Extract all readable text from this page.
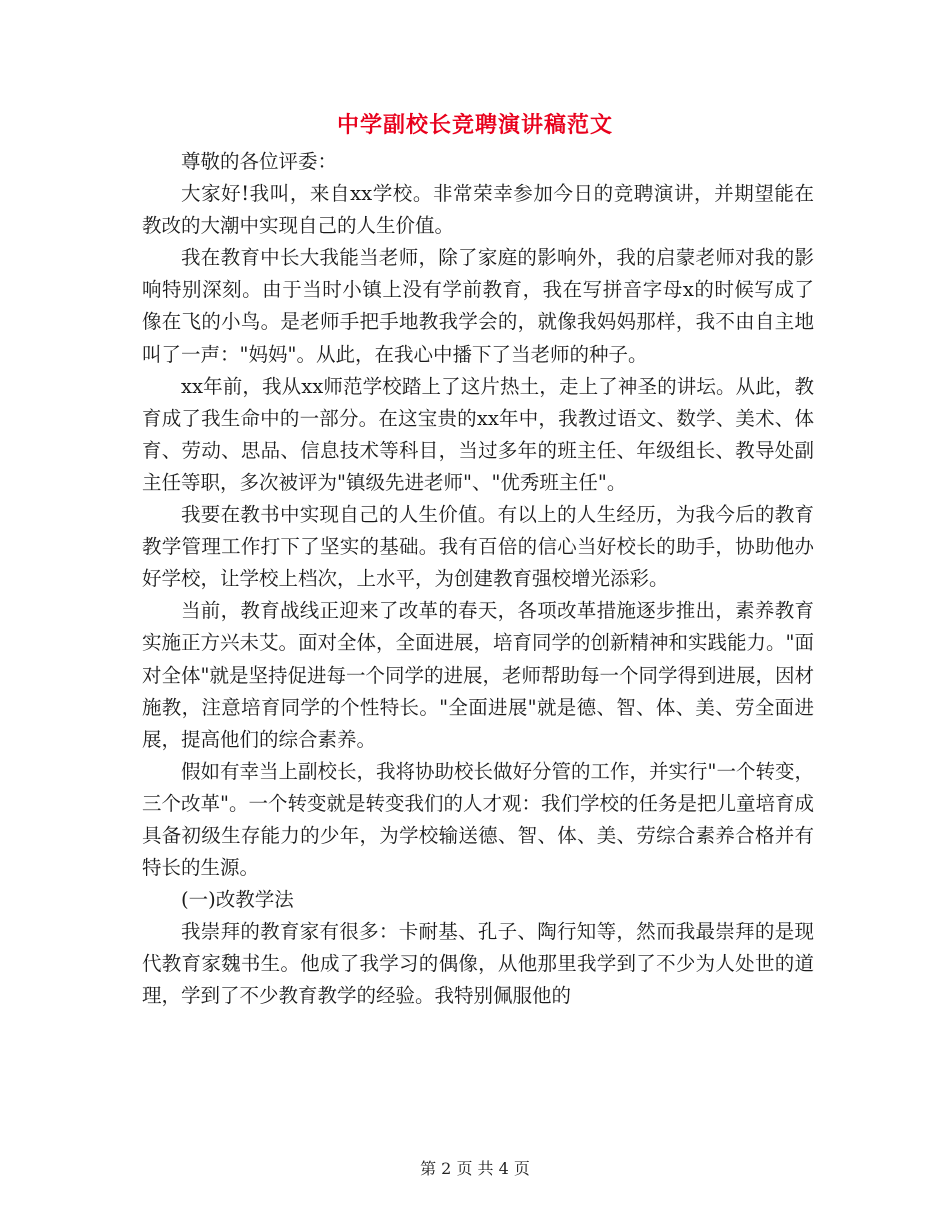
中学副校长竞聘演讲稿范文

尊敬的各位评委：

大家好!我叫，来自xx学校。非常荣幸参加今日的竞聘演讲，并期望能在教改的大潮中实现自己的人生价值。

我在教育中长大我能当老师，除了家庭的影响外，我的启蒙老师对我的影响特别深刻。由于当时小镇上没有学前教育，我在写拼音字母x的时候写成了像在飞的小鸟。是老师手把手地教我学会的，就像我妈妈那样，我不由自主地叫了一声："妈妈"。从此，在我心中播下了当老师的种子。

xx年前，我从xx师范学校踏上了这片热土，走上了神圣的讲坛。从此，教育成了我生命中的一部分。在这宝贵的xx年中，我教过语文、数学、美术、体育、劳动、思品、信息技术等科目，当过多年的班主任、年级组长、教导处副主任等职，多次被评为"镇级先进老师"、"优秀班主任"。

我要在教书中实现自己的人生价值。有以上的人生经历，为我今后的教育教学管理工作打下了坚实的基础。我有百倍的信心当好校长的助手，协助他办好学校，让学校上档次，上水平，为创建教育强校增光添彩。

当前，教育战线正迎来了改革的春天，各项改革措施逐步推出，素养教育实施正方兴未艾。面对全体，全面进展，培育同学的创新精神和实践能力。"面对全体"就是坚持促进每一个同学的进展，老师帮助每一个同学得到进展，因材施教，注意培育同学的个性特长。"全面进展"就是德、智、体、美、劳全面进展，提高他们的综合素养。

假如有幸当上副校长，我将协助校长做好分管的工作，并实行"一个转变，三个改革"。一个转变就是转变我们的人才观：我们学校的任务是把儿童培育成具备初级生存能力的少年，为学校输送德、智、体、美、劳综合素养合格并有特长的生源。

(一)改教学法

我崇拜的教育家有很多：卡耐基、孔子、陶行知等，然而我最崇拜的是现代教育家魏书生。他成了我学习的偶像，从他那里我学到了不少为人处世的道理，学到了不少教育教学的经验。我特别佩服他的

第 2 页 共 4 页
